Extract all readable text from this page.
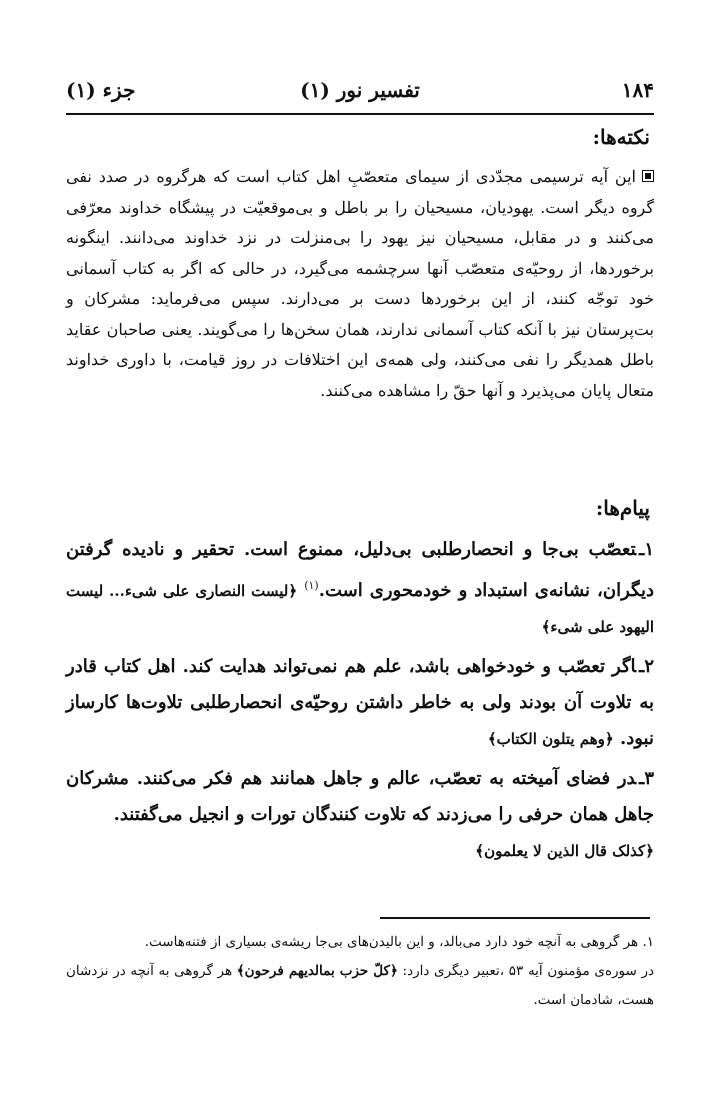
۱۸۴
تفسیر نور (۱)
جزء (۱)
نکته‌ها:
این آیه ترسیمی مجدّدی از سیمای متعصّبِ اهل کتاب است که هرگروه در صدد نفی گروه دیگر است. یهودیان، مسیحیان را بر باطل و بی‌موقعیّت در پیشگاه خداوند معرّفی می‌کنند و در مقابل، مسیحیان نیز یهود را بی‌منزلت در نزد خداوند می‌دانند. اینگونه برخوردها، از روحیّه‌ی متعصّب آنها سرچشمه می‌گیرد، در حالی که اگر به کتاب آسمانی خود توجّه کنند، از این برخوردها دست بر می‌دارند. سپس می‌فرماید: مشرکان و بت‌پرستان نیز با آنکه کتاب آسمانی ندارند، همان سخن‌ها را می‌گویند. یعنی صاحبان عقاید باطل همدیگر را نفی می‌کنند، ولی همه‌ی این اختلافات در روز قیامت، با داوری خداوند متعال پایان می‌پذیرد و آنها حقّ را مشاهده می‌کنند.
پیام‌ها:

۱ـتعصّب بی‌جا و انحصارطلبی بی‌دلیل، ممنوع است. تحقیر و نادیده گرفتن دیگران، نشانه‌ی استبداد و خودمحوری است.$^{(۱)}$ ﴿لیست النصاری علی شیء... لیست الیهود علی شیء﴾

۲ـاگر تعصّب و خودخواهی باشد، علم هم نمی‌تواند هدایت کند. اهل کتاب قادر به تلاوت آن بودند ولی به خاطر داشتن روحیّه‌ی انحصارطلبی تلاوت‌ها کارساز نبود. ﴿وهم یتلون الکتاب﴾

۳ـدر فضای آمیخته به تعصّب، عالم و جاهل همانند هم فکر می‌کنند. مشرکان جاهل همان حرفی را می‌زدند که تلاوت کنندگان تورات و انجیل می‌گفتند.
﴿کذلک قال الذین لا یعلمون﴾

۱. هر گروهی به آنچه خود دارد می‌بالد، و این بالیدن‌های بی‌جا ریشه‌ی بسیاری از فتنه‌هاست.
در سوره‌ی مؤمنون آیه ۵۳ ،تعبیر دیگری دارد: ﴿کلّ حزب بمالدیهم فرحون﴾ هر گروهی به آنچه در نزدشان هست، شادمان است.
